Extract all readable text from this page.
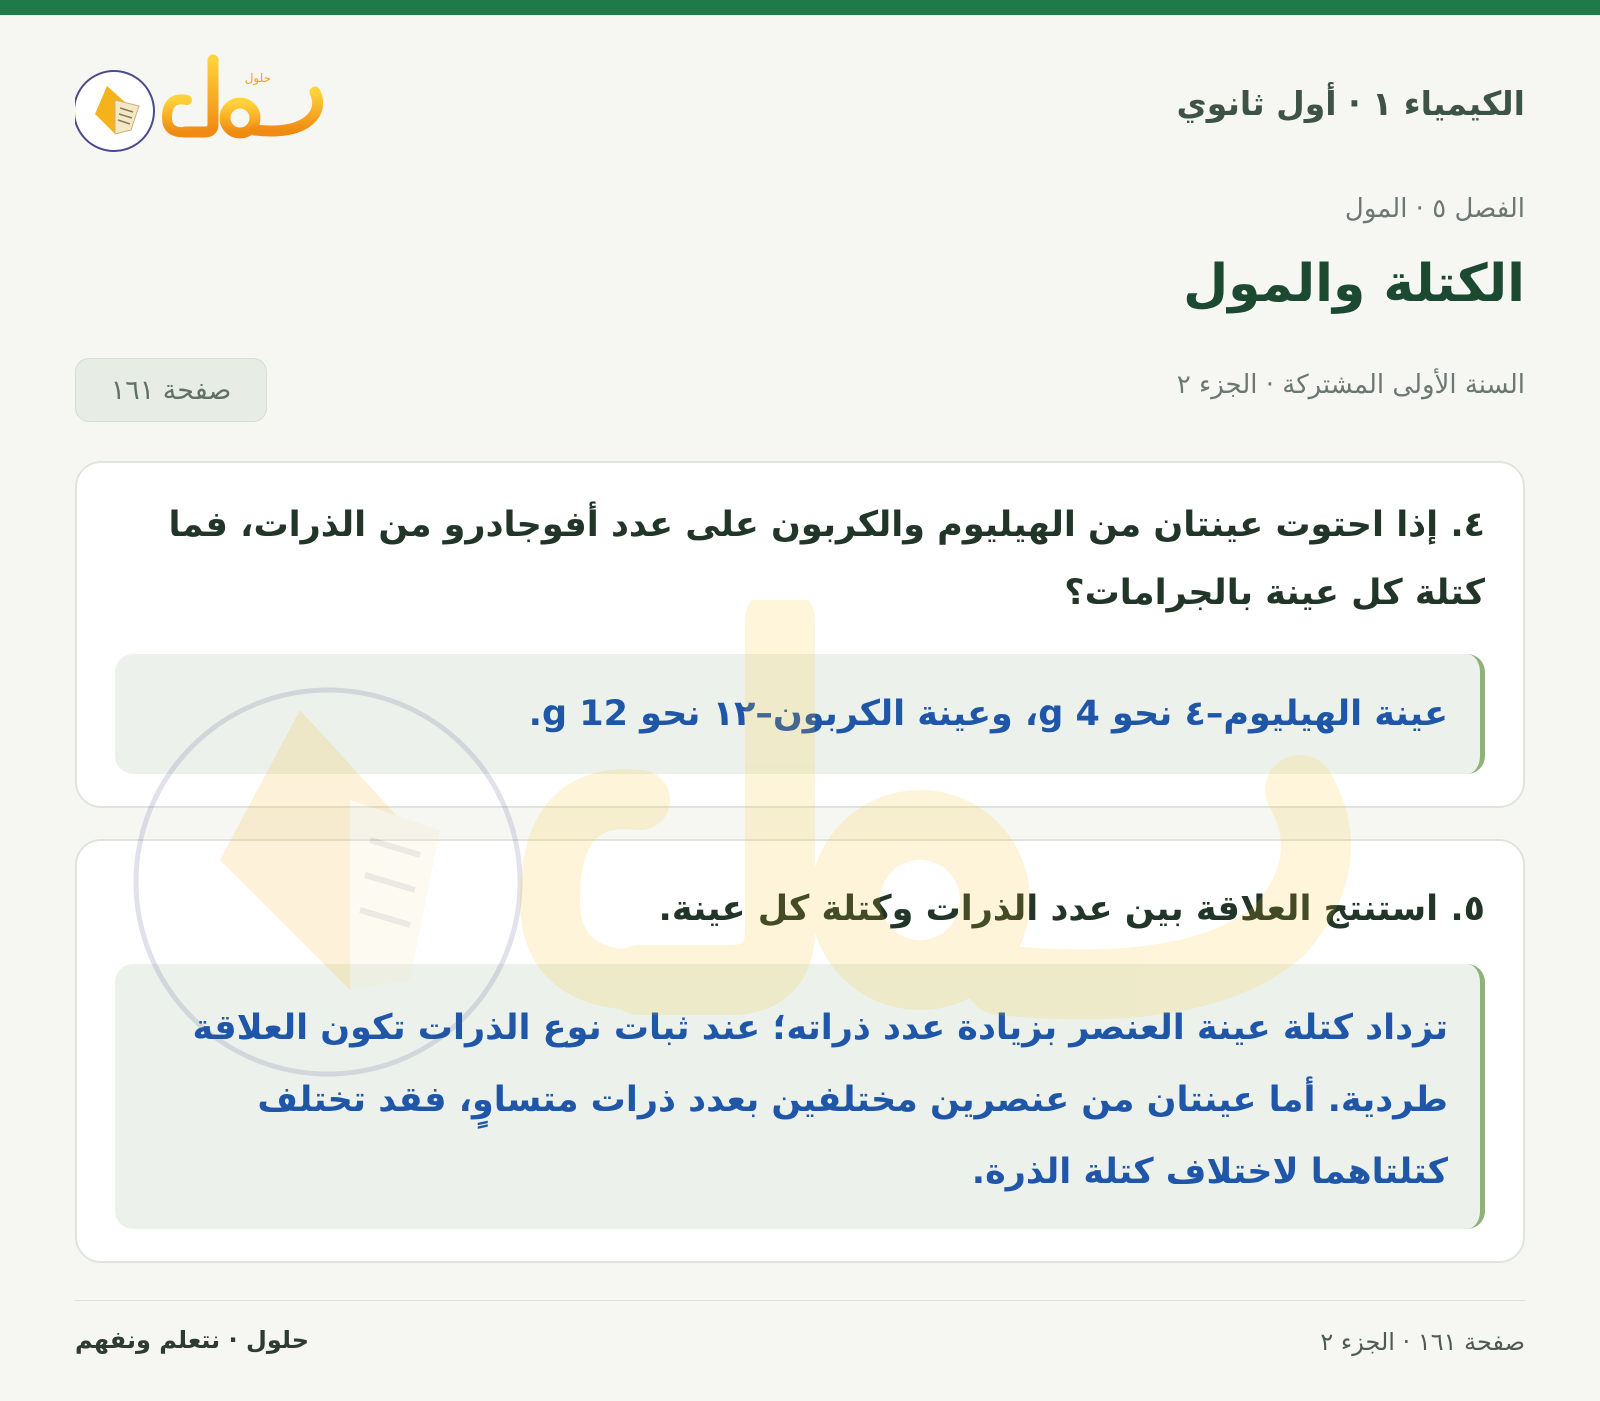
الكيمياء ١ · أول ثانوي
حلول
الفصل ٥ · المول
الكتلة والمول
السنة الأولى المشتركة · الجزء ٢
صفحة ١٦١
٤. إذا احتوت عينتان من الهيليوم والكربون على عدد أفوجادرو من الذرات، فما كتلة كل عينة بالجرامات؟
عينة الهيليوم–٤ نحو 4 g، وعينة الكربون–١٢ نحو 12 g.
٥. استنتج العلاقة بين عدد الذرات وكتلة كل عينة.
تزداد كتلة عينة العنصر بزيادة عدد ذراته؛ عند ثبات نوع الذرات تكون العلاقة طردية. أما عينتان من عنصرين مختلفين بعدد ذرات متساوٍ، فقد تختلف كتلتاهما لاختلاف كتلة الذرة.
حلول · نتعلم ونفهم	صفحة ١٦١ · الجزء ٢
